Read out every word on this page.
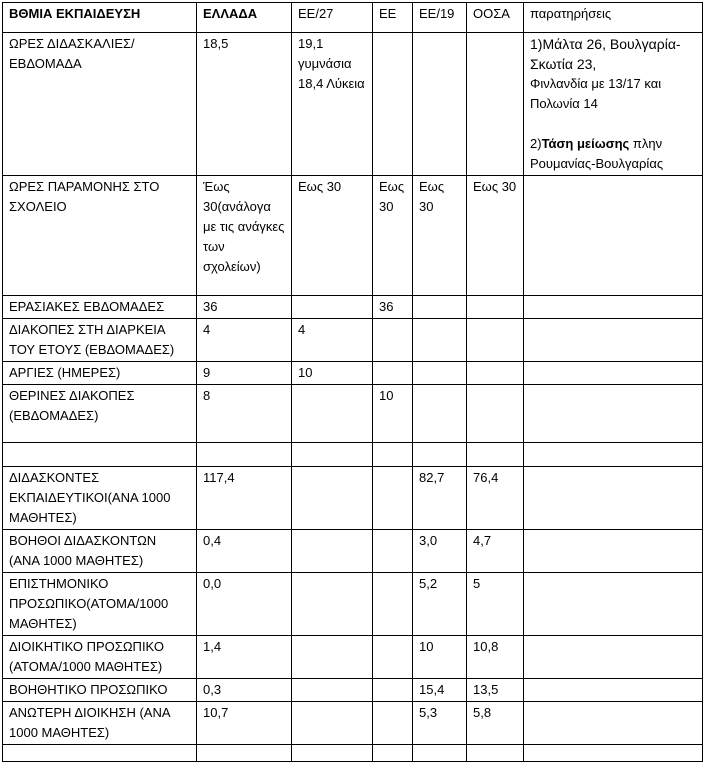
ΒΘΜΙΑ ΕΚΠΑΙΔΕΥΣΗ	ΕΛΛΑΔΑ	ΕΕ/27	ΕΕ	ΕΕ/19	ΟΟΣΑ	παρατηρήσεις
ΩΡΕΣ ΔΙΔΑΣΚΑΛΙΕΣ/ΕΒΔΟΜΑΔΑ	18,5	19,1 γυμνάσια 18,4 Λύκεια				1)Μάλτα 26, Βουλγαρία-Σκωτία 23,
Φινλανδία με 13/17 και Πολωνία 14
2)Τάση μείωσης πλην Ρουμανίας-Βουλγαρίας

ΩΡΕΣ ΠΑΡΑΜΟΝΗΣ ΣΤΟ ΣΧΟΛΕΙΟ	Έως 30(ανάλογα με τις ανάγκες των σχολείων)	Εως 30	Εως 30	Εως 30	Εως 30	
ΕΡΑΣΙΑΚΕΣ ΕΒΔΟΜΑΔΕΣ	36		36			
ΔΙΑΚΟΠΕΣ ΣΤΗ ΔΙΑΡΚΕΙΑ ΤΟΥ ΕΤΟΥΣ (ΕΒΔΟΜΑΔΕΣ)	4	4				
ΑΡΓΙΕΣ (ΗΜΕΡΕΣ)	9	10				
ΘΕΡΙΝΕΣ ΔΙΑΚΟΠΕΣ (ΕΒΔΟΜΑΔΕΣ)	8		10			

ΔΙΔΑΣΚΟΝΤΕΣ ΕΚΠΑΙΔΕΥΤΙΚΟΙ(ΑΝΑ 1000 ΜΑΘΗΤΕΣ)	117,4			82,7	76,4	
ΒΟΗΘΟΙ ΔΙΔΑΣΚΟΝΤΩΝ (ΑΝΑ 1000 ΜΑΘΗΤΕΣ)	0,4			3,0	4,7	
ΕΠΙΣΤΗΜΟΝΙΚΟ ΠΡΟΣΩΠΙΚΟ(ΑΤΟΜΑ/1000 ΜΑΘΗΤΕΣ)	0,0			5,2	5	
ΔΙΟΙΚΗΤΙΚΟ ΠΡΟΣΩΠΙΚΟ (ΑΤΟΜΑ/1000 ΜΑΘΗΤΕΣ)	1,4			10	10,8	
ΒΟΗΘΗΤΙΚΟ ΠΡΟΣΩΠΙΚΟ	0,3			15,4	13,5	
ΑΝΩΤΕΡΗ ΔΙΟΙΚΗΣΗ (ΑΝΑ 1000 ΜΑΘΗΤΕΣ)	10,7			5,3	5,8	
